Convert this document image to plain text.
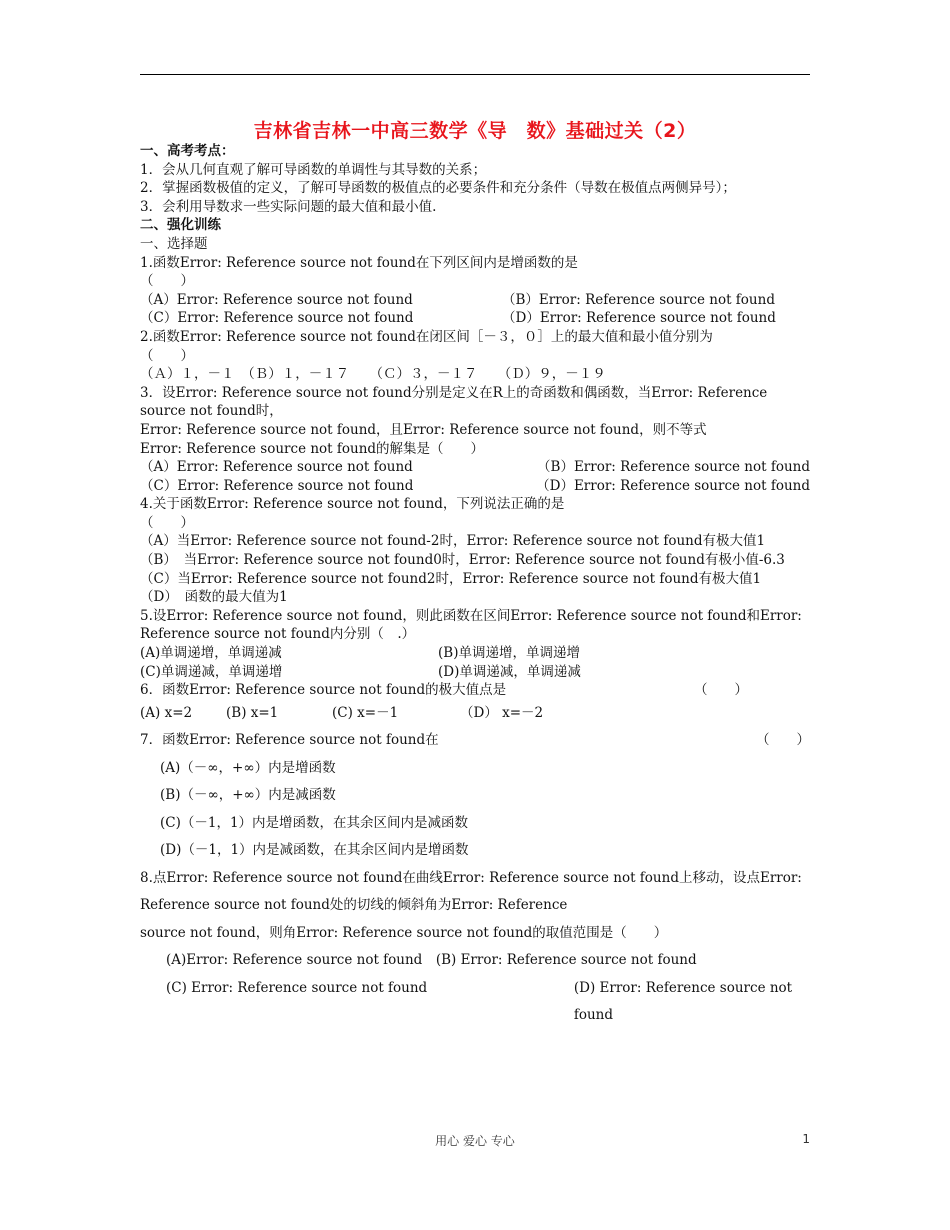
吉林省吉林一中高三数学《导　数》基础过关（2）
一、高考考点：
1．会从几何直观了解可导函数的单调性与其导数的关系；
2．掌握函数极值的定义，了解可导函数的极值点的必要条件和充分条件（导数在极值点两侧异号）；
3．会利用导数求一些实际问题的最大值和最小值.
二、强化训练
一、选择题
1.函数Error: Reference source not found在下列区间内是增函数的是
（　　）
（A）Error: Reference source not found	（B）Error: Reference source not found
（C）Error: Reference source not found	（D）Error: Reference source not found
2.函数Error: Reference source not found在闭区间［－３，０］上的最大值和最小值分别为
（　　）
（Ａ）１，－１　（Ｂ）１，－１７　　（Ｃ）３，－１７　　（Ｄ）９，－１９
3．设Error: Reference source not found分别是定义在R上的奇函数和偶函数，当Error: Reference source not found时，
Error: Reference source not found，且Error: Reference source not found，则不等式
Error: Reference source not found的解集是（　　）
（A）Error: Reference source not found	（B）Error: Reference source not found
（C）Error: Reference source not found	（D）Error: Reference source not found
4.关于函数Error: Reference source not found，下列说法正确的是
（　　）
（A）当Error: Reference source not found-2时，Error: Reference source not found有极大值1　　　（B）　当Error: Reference source not found0时，Error: Reference source not found有极小值-6.3
（C）当Error: Reference source not found2时，Error: Reference source not found有极大值1　　　（D）　函数的最大值为1
5.设Error: Reference source not found，则此函数在区间Error: Reference source not found和Error: Reference source not found内分别（　.）
(A)单调递增，单调递减	(B)单调递增，单调递增
(C)单调递减，单调递增	(D)单调递减，单调递减
6．函数Error: Reference source not found的极大值点是	（　　）
(A) x=2	(B) x=1	(C) x=－1	（D） x=－2
7．函数Error: Reference source not found在	（　　）
(A)（－∞，+∞）内是增函数
(B)（－∞，+∞）内是减函数
(C)（－1，1）内是增函数，在其余区间内是减函数
(D)（－1，1）内是减函数，在其余区间内是增函数
8.点Error: Reference source not found在曲线Error: Reference source not found上移动，设点Error: Reference source not found处的切线的倾斜角为Error: Reference
source not found，则角Error: Reference source not found的取值范围是（　　）
(A)Error: Reference source not found　(B) Error: Reference source not found
(C) Error: Reference source not found	(D) Error: Reference source not found
用心 爱心 专心	1
